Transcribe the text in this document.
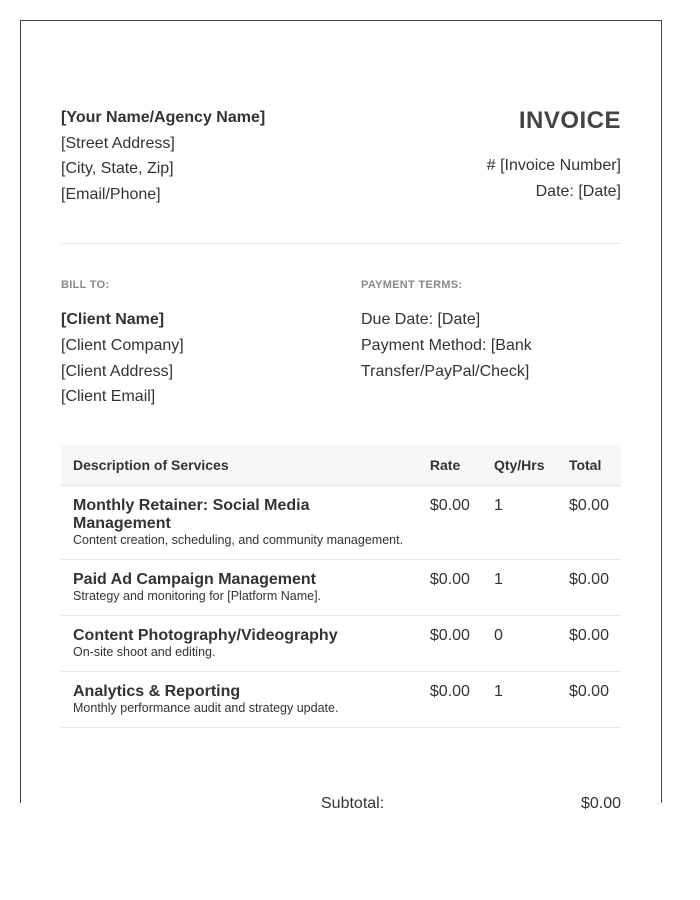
[Your Name/Agency Name]
[Street Address]
[City, State, Zip]
[Email/Phone]
INVOICE
# [Invoice Number]
Date: [Date]
BILL TO:
[Client Name]
[Client Company]
[Client Address]
[Client Email]
PAYMENT TERMS:
Due Date: [Date]
Payment Method: [Bank
Transfer/PayPal/Check]
Description of Services	Rate	Qty/Hrs	Total

Monthly Retainer: Social Media Management
Content creation, scheduling, and community management.	$0.00	1	$0.00

Paid Ad Campaign Management
Strategy and monitoring for [Platform Name].	$0.00	1	$0.00

Content Photography/Videography
On-site shoot and editing.	$0.00	0	$0.00

Analytics & Reporting
Monthly performance audit and strategy update.	$0.00	1	$0.00
Subtotal:	$0.00
